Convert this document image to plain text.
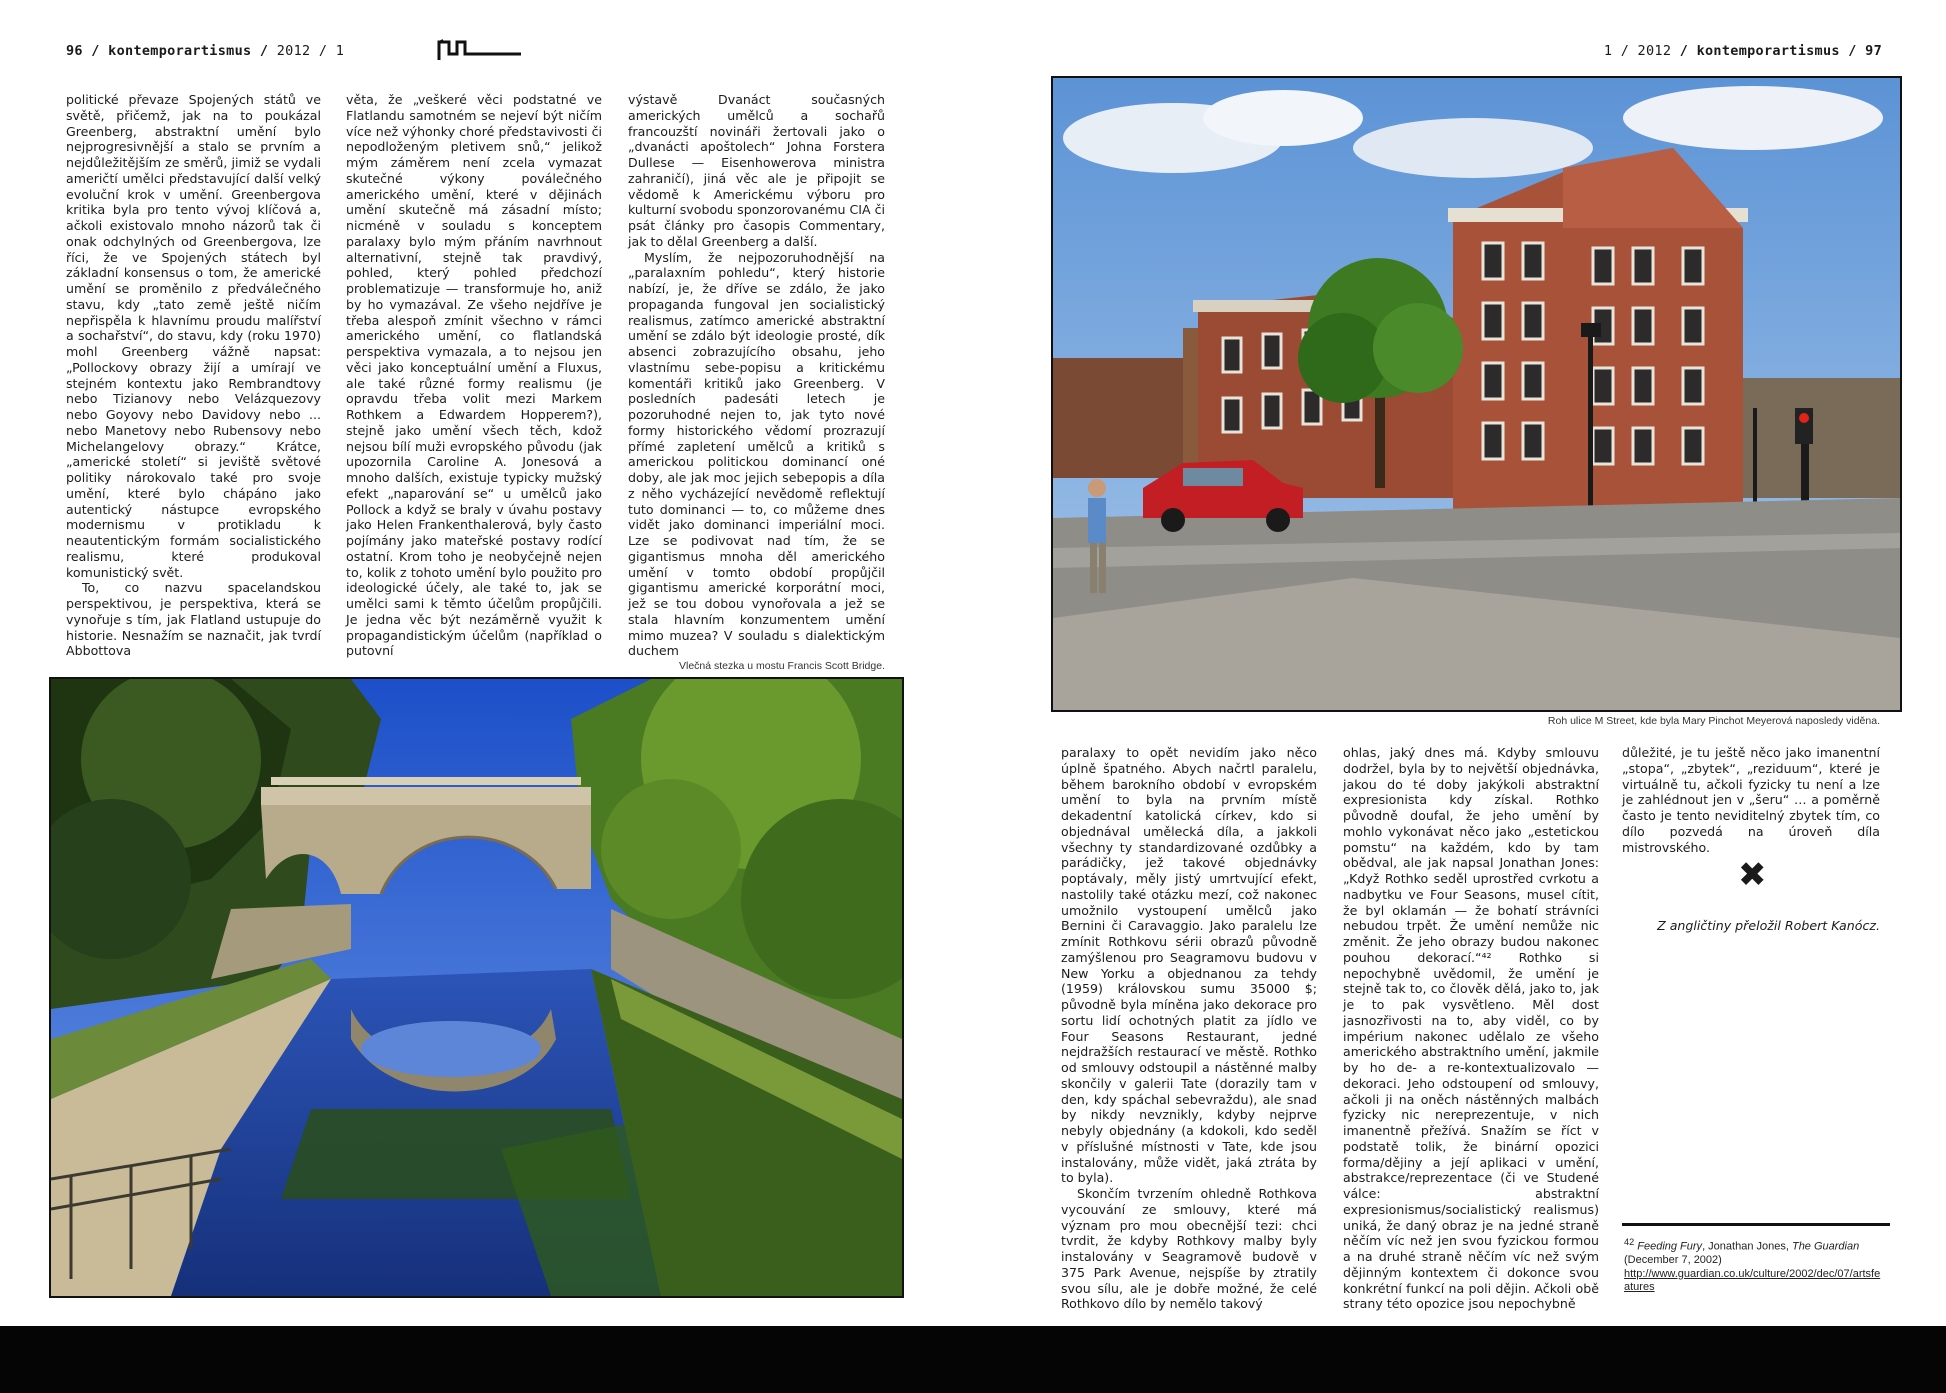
96 / kontemporartismus / 2012 / 1	1 / 2012 / kontemporartismus / 97

politické převaze Spojených států ve světě, přičemž, jak na to poukázal Greenberg, abstraktní umění bylo nejprogresivnější a stalo se prvním a nejdůležitějším ze směrů, jimiž se vydali američtí umělci představující další velký evoluční krok v umění. Greenbergova kritika byla pro tento vývoj klíčová a, ačkoli existovalo mnoho názorů tak či onak odchylných od Greenbergova, lze říci, že ve Spojených státech byl základní konsensus o tom, že americké umění se proměnilo z předválečného stavu, kdy „tato země ještě ničím nepřispěla k hlavnímu proudu malířství a sochařství“, do stavu, kdy (roku 1970) mohl Greenberg vážně napsat: „Pollockovy obrazy žijí a umírají ve stejném kontextu jako Rembrandtovy nebo Tizianovy nebo Velázquezovy nebo Goyovy nebo Davidovy nebo ... nebo Manetovy nebo Rubensovy nebo Michelangelovy obrazy.“ Krátce, „americké století“ si jeviště světové politiky nárokovalo také pro svoje umění, které bylo chápáno jako autentický nástupce evropského modernismu v protikladu k neautentickým formám socialistického realismu, které produkoval komunistický svět.

To, co nazvu spacelandskou perspektivou, je perspektiva, která se vynořuje s tím, jak Flatland ustupuje do historie. Nesnažím se naznačit, jak tvrdí Abbottova

věta, že „veškeré věci podstatné ve Flatlandu samotném se nejeví být ničím více než výhonky choré představivosti či nepodloženým pletivem snů,“ jelikož mým záměrem není zcela vymazat skutečné výkony poválečného amerického umění, které v dějinách umění skutečně má zásadní místo; nicméně v souladu s konceptem paralaxy bylo mým přáním navrhnout alternativní, stejně tak pravdivý, pohled, který pohled předchozí problematizuje — transformuje ho, aniž by ho vymazával. Ze všeho nejdříve je třeba alespoň zmínit všechno v rámci amerického umění, co flatlandská perspektiva vymazala, a to nejsou jen věci jako konceptuální umění a Fluxus, ale také různé formy realismu (je opravdu třeba volit mezi Markem Rothkem a Edwardem Hopperem?), stejně jako umění všech těch, kdož nejsou bílí muži evropského původu (jak upozornila Caroline A. Jonesová a mnoho dalších, existuje typicky mužský efekt „naparování se“ u umělců jako Pollock a když se braly v úvahu postavy jako Helen Frankenthalerová, byly často pojímány jako mateřské postavy rodící ostatní. Krom toho je neobyčejně nejen to, kolik z tohoto umění bylo použito pro ideologické účely, ale také to, jak se umělci sami k těmto účelům propůjčili. Je jedna věc být nezáměrně využit k propagandistickým účelům (například o putovní

výstavě Dvanáct současných amerických umělců a sochařů francouzští novináři žertovali jako o „dvanácti apoštolech“ Johna Forstera Dullese — Eisenhowerova ministra zahraničí), jiná věc ale je připojit se vědomě k Americkému výboru pro kulturní svobodu sponzorovanému CIA či psát články pro časopis Commentary, jak to dělal Greenberg a další.

Myslím, že nejpozoruhodnější na „paralaxním pohledu“, který historie nabízí, je, že dříve se zdálo, že jako propaganda fungoval jen socialistický realismus, zatímco americké abstraktní umění se zdálo být ideologie prosté, dík absenci zobrazujícího obsahu, jeho vlastnímu sebe-popisu a kritickému komentáři kritiků jako Greenberg. V posledních padesáti letech je pozoruhodné nejen to, jak tyto nové formy historického vědomí prozrazují přímé zapletení umělců a kritiků s americkou politickou dominancí oné doby, ale jak moc jejich sebepopis a díla z něho vycházející nevědomě reflektují tuto dominanci — to, co můžeme dnes vidět jako dominanci imperiální moci. Lze se podivovat nad tím, že se gigantismus mnoha děl amerického umění v tomto období propůjčil gigantismu americké korporátní moci, jež se tou dobou vynořovala a jež se stala hlavním konzumentem umění mimo muzea? V souladu s dialektickým duchem

Vlečná stezka u mostu Francis Scott Bridge.
Roh ulice M Street, kde byla Mary Pinchot Meyerová naposledy viděna.

paralaxy to opět nevidím jako něco úplně špatného. Abych načrtl paralelu, během barokního období v evropském umění to byla na prvním místě dekadentní katolická církev, kdo si objednával umělecká díla, a jakkoli všechny ty standardizované ozdůbky a parádičky, jež takové objednávky poptávaly, měly jistý umrtvující efekt, nastolily také otázku mezí, což nakonec umožnilo vystoupení umělců jako Bernini či Caravaggio. Jako paralelu lze zmínit Rothkovu sérii obrazů původně zamýšlenou pro Seagramovu budovu v New Yorku a objednanou za tehdy (1959) královskou sumu 35000 $; původně byla míněna jako dekorace pro sortu lidí ochotných platit za jídlo ve Four Seasons Restaurant, jedné nejdražších restaurací ve městě. Rothko od smlouvy odstoupil a nástěnné malby skončily v galerii Tate (dorazily tam v den, kdy spáchal sebevraždu), ale snad by nikdy nevznikly, kdyby nejprve nebyly objednány (a kdokoli, kdo seděl v příslušné místnosti v Tate, kde jsou instalovány, může vidět, jaká ztráta by to byla).

Skončím tvrzením ohledně Rothkova vycouvání ze smlouvy, které má význam pro mou obecnější tezi: chci tvrdit, že kdyby Rothkovy malby byly instalovány v Seagramově budově v 375 Park Avenue, nejspíše by ztratily svou sílu, ale je dobře možné, že celé Rothkovo dílo by nemělo takový

ohlas, jaký dnes má. Kdyby smlouvu dodržel, byla by to největší objednávka, jakou do té doby jakýkoli abstraktní expresionista kdy získal. Rothko původně doufal, že jeho umění by mohlo vykonávat něco jako „estetickou pomstu“ na každém, kdo by tam obědval, ale jak napsal Jonathan Jones: „Když Rothko seděl uprostřed cvrkotu a nadbytku ve Four Seasons, musel cítit, že byl oklamán — že bohatí strávníci nebudou trpět. Že umění nemůže nic změnit. Že jeho obrazy budou nakonec pouhou dekorací.“⁴² Rothko si nepochybně uvědomil, že umění je stejně tak to, co člověk dělá, jako to, jak je to pak vysvětleno. Měl dost jasnozřivosti na to, aby viděl, co by impérium nakonec udělalo ze všeho amerického abstraktního umění, jakmile by ho de- a re-kontextualizovalo — dekoraci. Jeho odstoupení od smlouvy, ačkoli ji na oněch nástěnných malbách fyzicky nic nereprezentuje, v nich imanentně přežívá. Snažím se říct v podstatě tolik, že binární opozici forma/dějiny a její aplikaci v umění, abstrakce/reprezentace (či ve Studené válce: abstraktní expresionismus/socialistický realismus) uniká, že daný obraz je na jedné straně něčím víc než jen svou fyzickou formou a na druhé straně něčím víc než svým dějinným kontextem či dokonce svou konkrétní funkcí na poli dějin. Ačkoli obě strany této opozice jsou nepochybně

důležité, je tu ještě něco jako imanentní „stopa“, „zbytek“, „reziduum“, které je virtuálně tu, ačkoli fyzicky tu není a lze je zahlédnout jen v „šeru“ … a poměrně často je tento neviditelný zbytek tím, co dílo pozvedá na úroveň díla mistrovského.

✖
Z angličtiny přeložil Robert Kanócz.
$^{42}$ Feeding Fury, Jonathan Jones, The Guardian (December 7, 2002)
http://www.guardian.co.uk/culture/2002/dec/07/artsfeatures
